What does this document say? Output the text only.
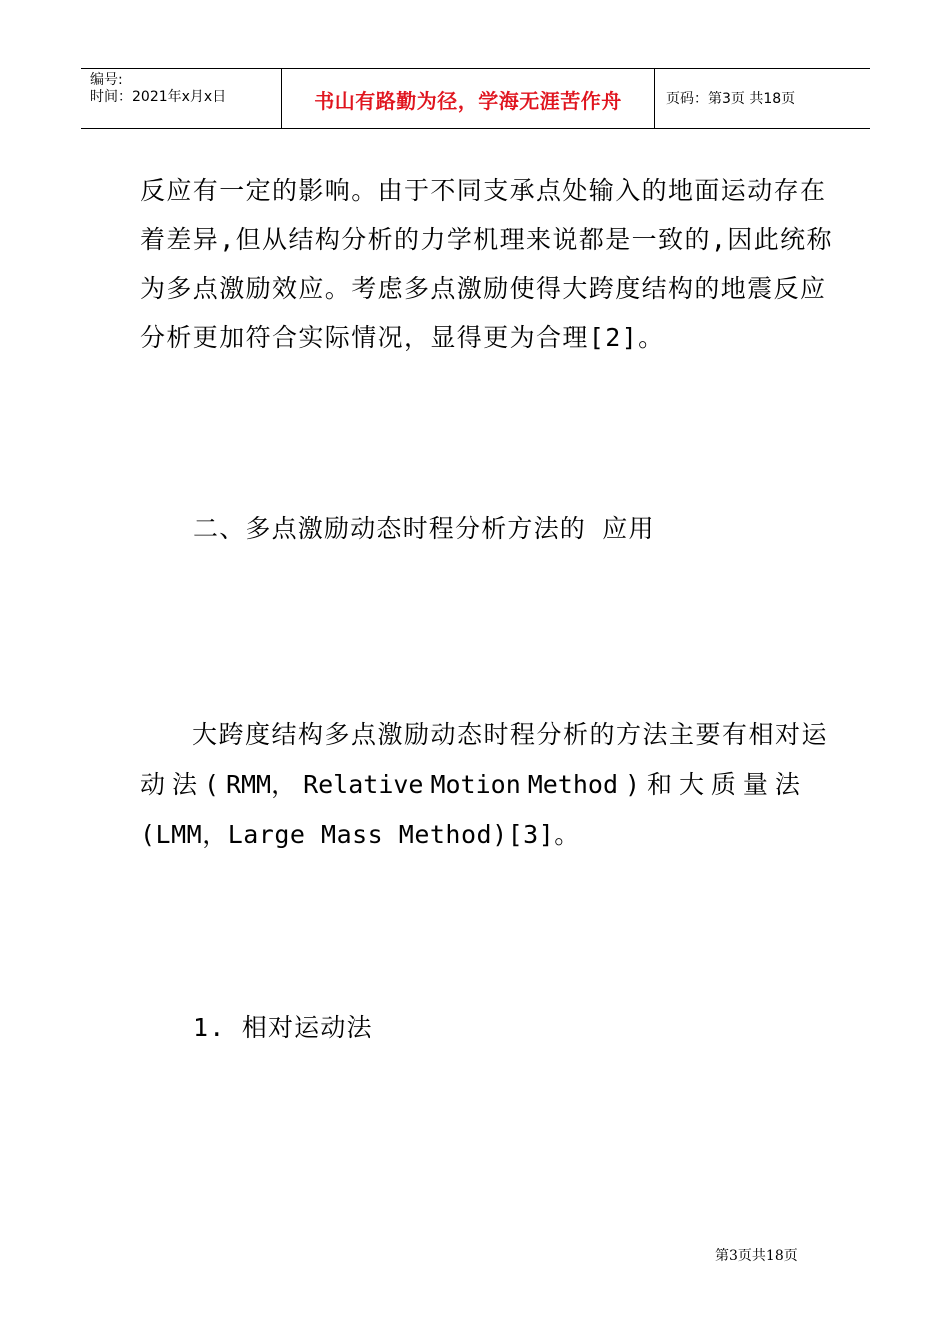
编号:
时间：2021年x月x日	书山有路勤为径，学海无涯苦作舟	页码：第3页 共18页
反应有一定的影响。由于不同支承点处输入的地面运动存在
着差异,但从结构分析的力学机理来说都是一致的,因此统称
为多点激励效应。考虑多点激励使得大跨度结构的地震反应
分析更加符合实际情况，显得更为合理[2]。
二、多点激励动态时程分析方法的 应用
大跨度结构多点激励动态时程分析的方法主要有相对运
动 法 ( RMM， Relative Motion Method ) 和 大 质 量 法
(LMM，Large Mass Method)[3]。
1. 相对运动法
第3页共18页
